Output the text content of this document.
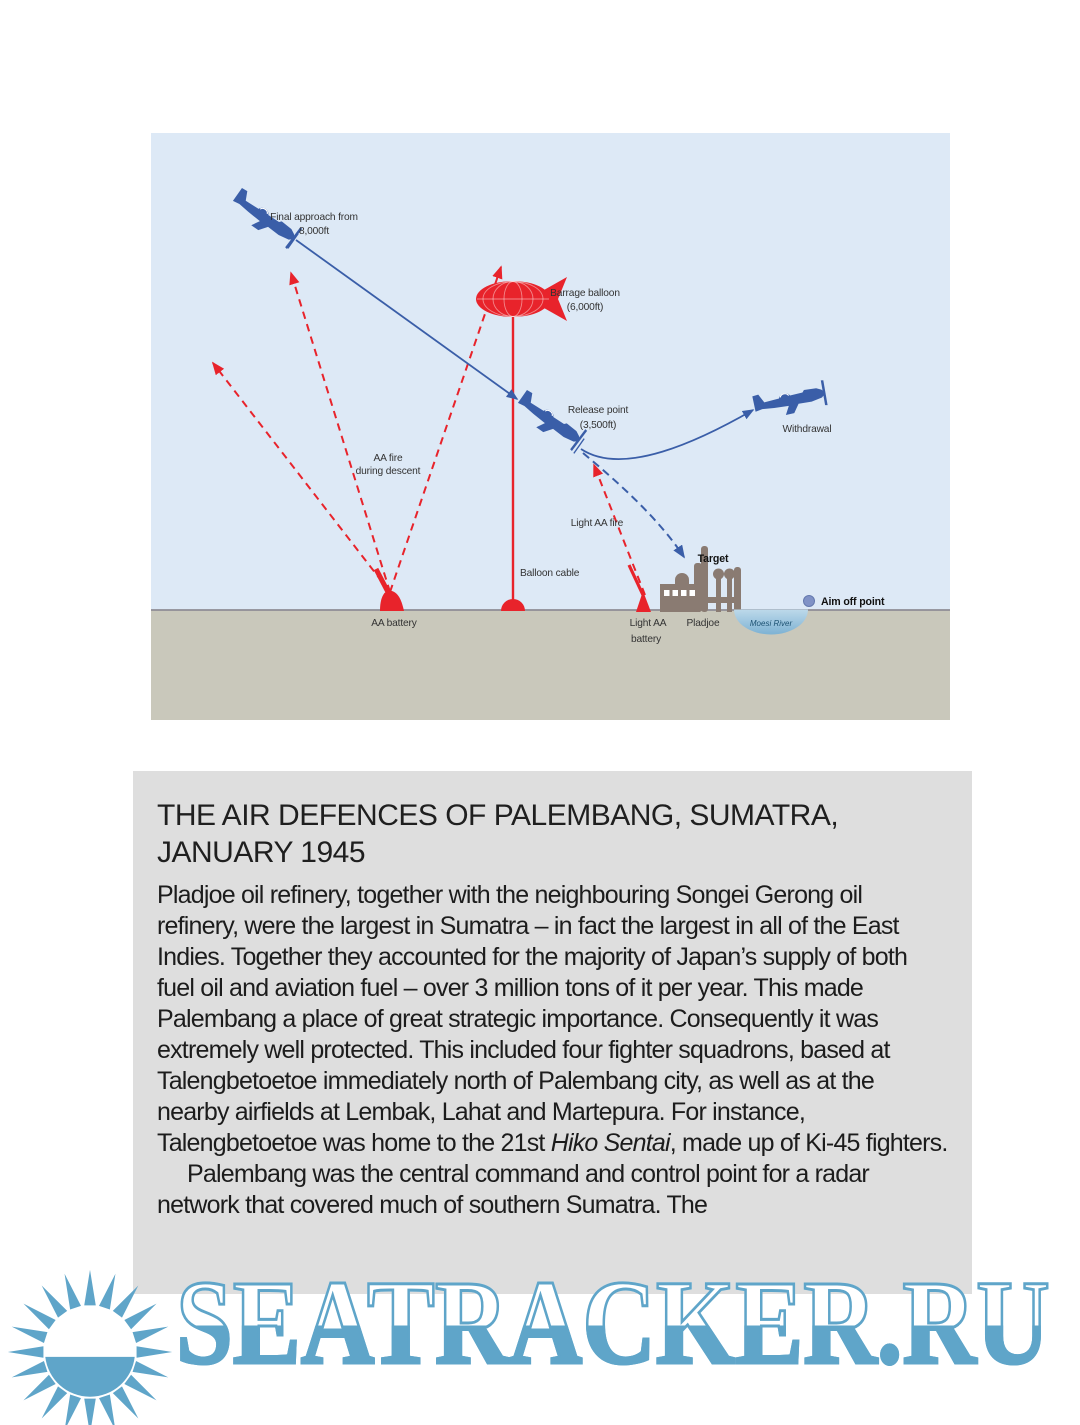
Final approach from
8,000ft
Barrage balloon
(6,000ft)
Release point
(3,500ft)	Withdrawal
AA fire
during descent
Light AA fire
Balloon cable
AA battery	Light AA
battery
Pladjoe
Target
Moesi River
Aim off point
THE AIR DEFENCES OF PALEMBANG, SUMATRA, JANUARY 1945

Pladjoe oil refinery, together with the neighbouring Songei Gerong oil refinery, were the largest in Sumatra – in fact the largest in all of the East Indies. Together they accounted for the majority of Japan’s supply of both fuel oil and aviation fuel – over 3 million tons of it per year. This made Palembang a place of great strategic importance. Consequently it was extremely well protected. This included four fighter squadrons, based at Talengbetoetoe immediately north of Palembang city, as well as at the nearby airfields at Lembak, Lahat and Martepura. For instance, Talengbetoetoe was home to the 21st Hiko Sentai, made up of Ki-45 fighters.

Palembang was the central command and control point for a radar network that covered much of southern Sumatra. The

SEATRACKER.RU
